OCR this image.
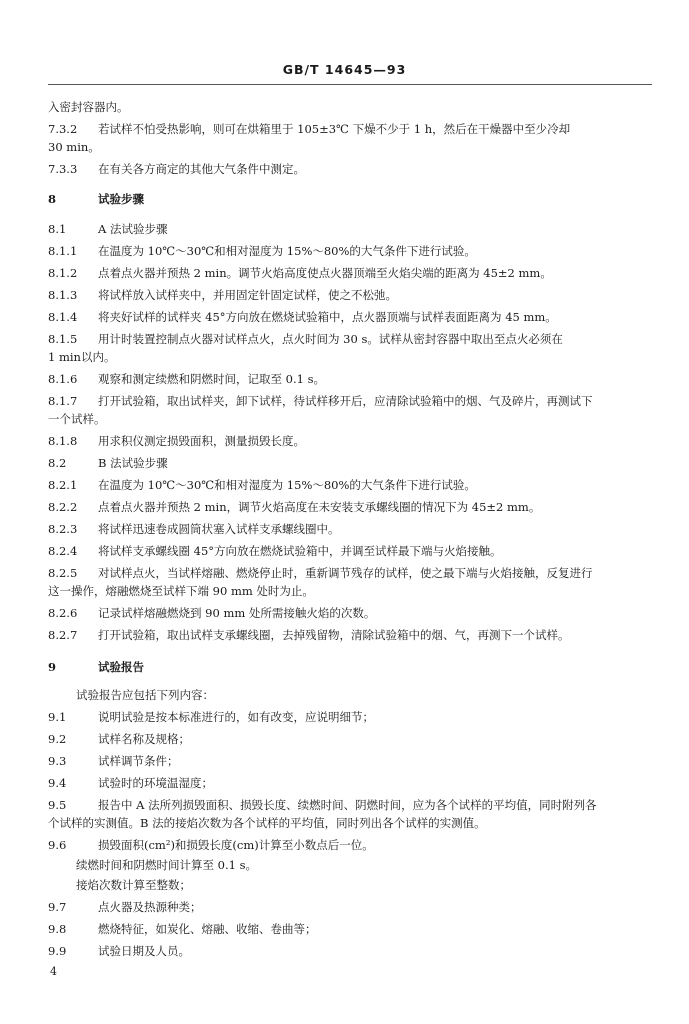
GB/T 14645—93
入密封容器内。
7.3.2 若试样不怕受热影响，则可在烘箱里于 105±3℃ 下燥不少于 1 h，然后在干燥器中至少冷却
30 min。
7.3.3 在有关各方商定的其他大气条件中测定。
8	试验步骤
8.1	A 法试验步骤
8.1.1 在温度为 10℃～30℃和相对湿度为 15%～80%的大气条件下进行试验。
8.1.2 点着点火器并预热 2 min。调节火焰高度使点火器顶端至火焰尖端的距离为 45±2 mm。
8.1.3 将试样放入试样夹中，并用固定针固定试样，使之不松弛。
8.1.4 将夹好试样的试样夹 45°方向放在燃烧试验箱中，点火器顶端与试样表面距离为 45 mm。
8.1.5 用计时装置控制点火器对试样点火，点火时间为 30 s。试样从密封容器中取出至点火必须在
1 min以内。
8.1.6 观察和测定续燃和阴燃时间，记取至 0.1 s。
8.1.7 打开试验箱，取出试样夹，卸下试样，待试样移开后，应清除试验箱中的烟、气及碎片，再测试下
一个试样。
8.1.8 用求积仪测定损毁面积，测量损毁长度。
8.2	B 法试验步骤
8.2.1 在温度为 10℃～30℃和相对湿度为 15%～80%的大气条件下进行试验。
8.2.2 点着点火器并预热 2 min，调节火焰高度在未安装支承螺线圈的情况下为 45±2 mm。
8.2.3 将试样迅速卷成圆筒状塞入试样支承螺线圈中。
8.2.4 将试样支承螺线圈 45°方向放在燃烧试验箱中，并调至试样最下端与火焰接触。
8.2.5 对试样点火，当试样熔融、燃烧停止时，重新调节残存的试样，使之最下端与火焰接触，反复进行
这一操作，熔融燃烧至试样下端 90 mm 处时为止。
8.2.6 记录试样熔融燃烧到 90 mm 处所需接触火焰的次数。
8.2.7 打开试验箱，取出试样支承螺线圈，去掉残留物，清除试验箱中的烟、气，再测下一个试样。
9	试验报告
试验报告应包括下列内容：
9.1	说明试验是按本标准进行的，如有改变，应说明细节；
9.2	试样名称及规格；
9.3	试样调节条件；
9.4	试验时的环境温湿度；
9.5	报告中 A 法所列损毁面积、损毁长度、续燃时间、阴燃时间，应为各个试样的平均值，同时附列各
个试样的实测值。B 法的接焰次数为各个试样的平均值，同时列出各个试样的实测值。
9.6	损毁面积(cm²)和损毁长度(cm)计算至小数点后一位。
续燃时间和阴燃时间计算至 0.1 s。
接焰次数计算至整数；
9.7	点火器及热源种类；
9.8	燃烧特征，如炭化、熔融、收缩、卷曲等；
9.9	试验日期及人员。
4
